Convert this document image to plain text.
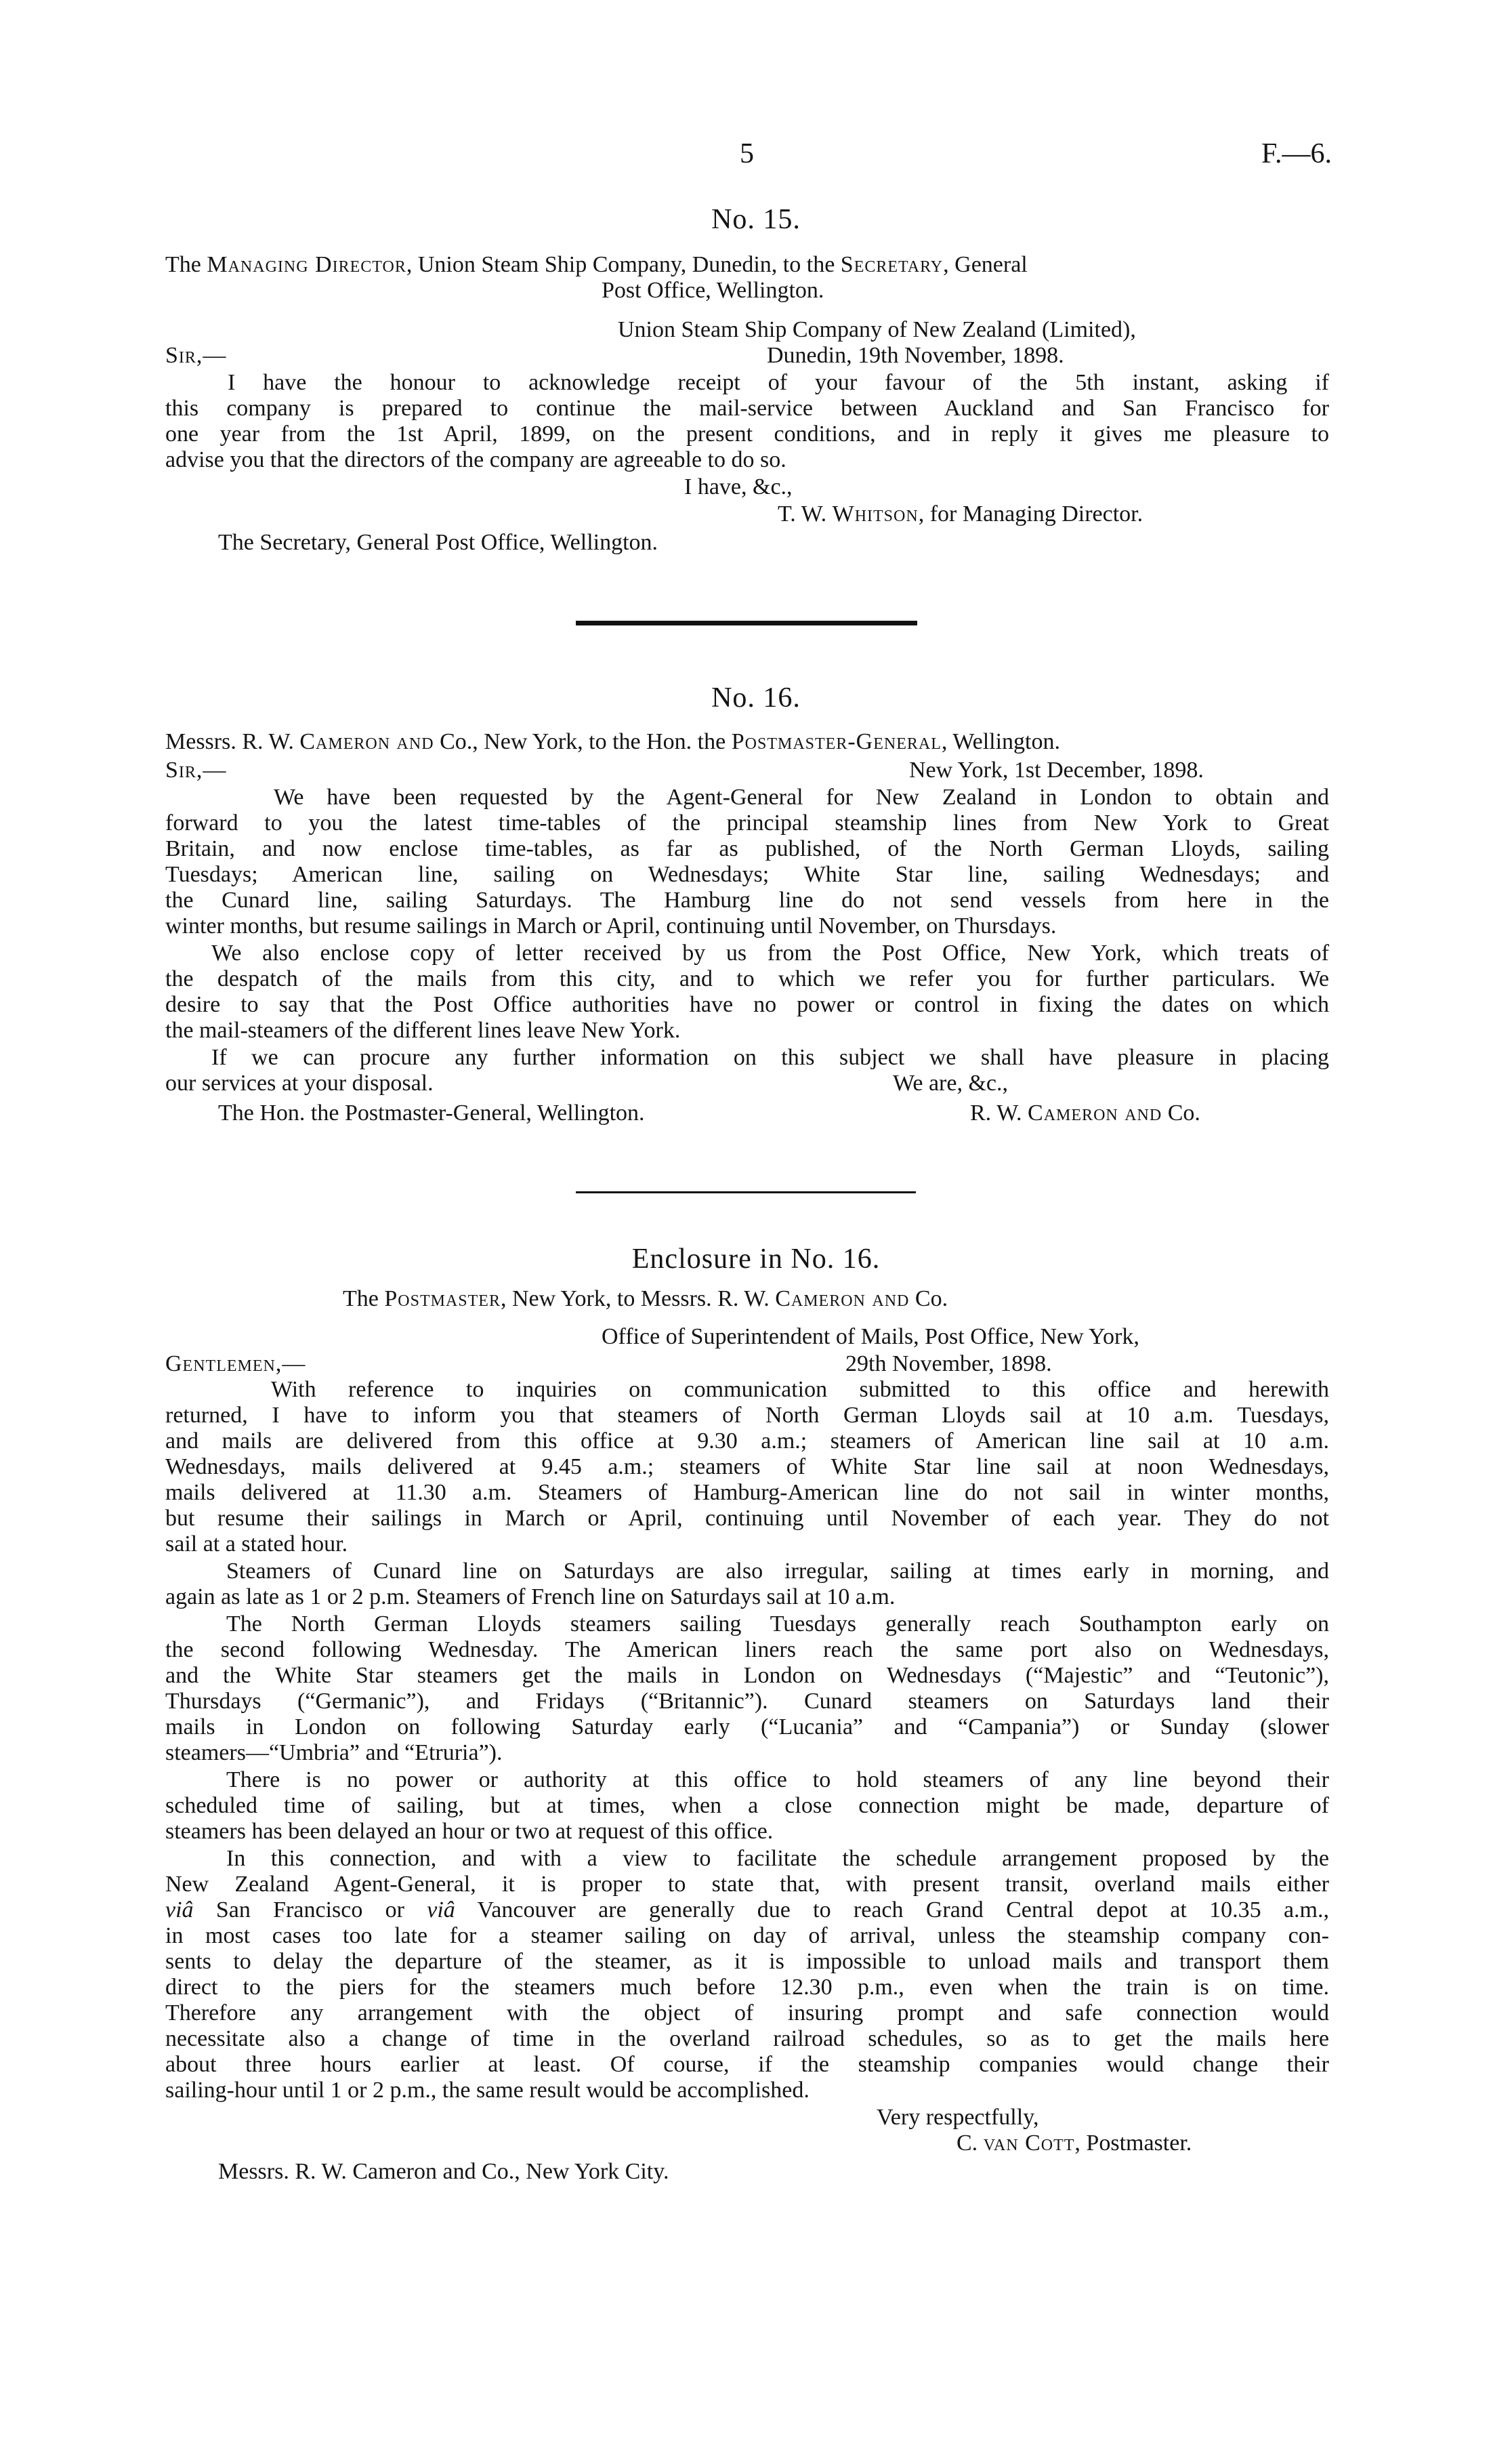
5	F.—6.
No. 15.
The Managing Director, Union Steam Ship Company, Dunedin, to the Secretary, General
Post Office, Wellington.
Union Steam Ship Company of New Zealand (Limited),
Sir,—	Dunedin, 19th November, 1898.
I have the honour to acknowledge receipt of your favour of the 5th instant, asking if
this company is prepared to continue the mail-service between Auckland and San Francisco for
one year from the 1st April, 1899, on the present conditions, and in reply it gives me pleasure to
advise you that the directors of the company are agreeable to do so.
I have, &c.,
T. W. Whitson, for Managing Director.
The Secretary, General Post Office, Wellington.
No. 16.
Messrs. R. W. Cameron and Co., New York, to the Hon. the Postmaster-General, Wellington.
Sir,—	New York, 1st December, 1898.
We have been requested by the Agent-General for New Zealand in London to obtain and
forward to you the latest time-tables of the principal steamship lines from New York to Great
Britain, and now enclose time-tables, as far as published, of the North German Lloyds, sailing
Tuesdays; American line, sailing on Wednesdays; White Star line, sailing Wednesdays; and
the Cunard line, sailing Saturdays. The Hamburg line do not send vessels from here in the
winter months, but resume sailings in March or April, continuing until November, on Thursdays.
We also enclose copy of letter received by us from the Post Office, New York, which treats of
the despatch of the mails from this city, and to which we refer you for further particulars. We
desire to say that the Post Office authorities have no power or control in fixing the dates on which
the mail-steamers of the different lines leave New York.
If we can procure any further information on this subject we shall have pleasure in placing
our services at your disposal.	We are, &c.,
The Hon. the Postmaster-General, Wellington.	R. W. Cameron and Co.
Enclosure in No. 16.
The Postmaster, New York, to Messrs. R. W. Cameron and Co.
Office of Superintendent of Mails, Post Office, New York,
Gentlemen,—	29th November, 1898.
With reference to inquiries on communication submitted to this office and herewith
returned, I have to inform you that steamers of North German Lloyds sail at 10 a.m. Tuesdays,
and mails are delivered from this office at 9.30 a.m.; steamers of American line sail at 10 a.m.
Wednesdays, mails delivered at 9.45 a.m.; steamers of White Star line sail at noon Wednesdays,
mails delivered at 11.30 a.m. Steamers of Hamburg-American line do not sail in winter months,
but resume their sailings in March or April, continuing until November of each year. They do not
sail at a stated hour.
Steamers of Cunard line on Saturdays are also irregular, sailing at times early in morning, and
again as late as 1 or 2 p.m. Steamers of French line on Saturdays sail at 10 a.m.
The North German Lloyds steamers sailing Tuesdays generally reach Southampton early on
the second following Wednesday. The American liners reach the same port also on Wednesdays,
and the White Star steamers get the mails in London on Wednesdays (“Majestic” and “Teutonic”),
Thursdays (“Germanic”), and Fridays (“Britannic”). Cunard steamers on Saturdays land their
mails in London on following Saturday early (“Lucania” and “Campania”) or Sunday (slower
steamers—“Umbria” and “Etruria”).
There is no power or authority at this office to hold steamers of any line beyond their
scheduled time of sailing, but at times, when a close connection might be made, departure of
steamers has been delayed an hour or two at request of this office.
In this connection, and with a view to facilitate the schedule arrangement proposed by the
New Zealand Agent-General, it is proper to state that, with present transit, overland mails either
viâ San Francisco or viâ Vancouver are generally due to reach Grand Central depot at 10.35 a.m.,
in most cases too late for a steamer sailing on day of arrival, unless the steamship company con-
sents to delay the departure of the steamer, as it is impossible to unload mails and transport them
direct to the piers for the steamers much before 12.30 p.m., even when the train is on time.
Therefore any arrangement with the object of insuring prompt and safe connection would
necessitate also a change of time in the overland railroad schedules, so as to get the mails here
about three hours earlier at least. Of course, if the steamship companies would change their
sailing-hour until 1 or 2 p.m., the same result would be accomplished.
Very respectfully,
C. van Cott, Postmaster.
Messrs. R. W. Cameron and Co., New York City.
